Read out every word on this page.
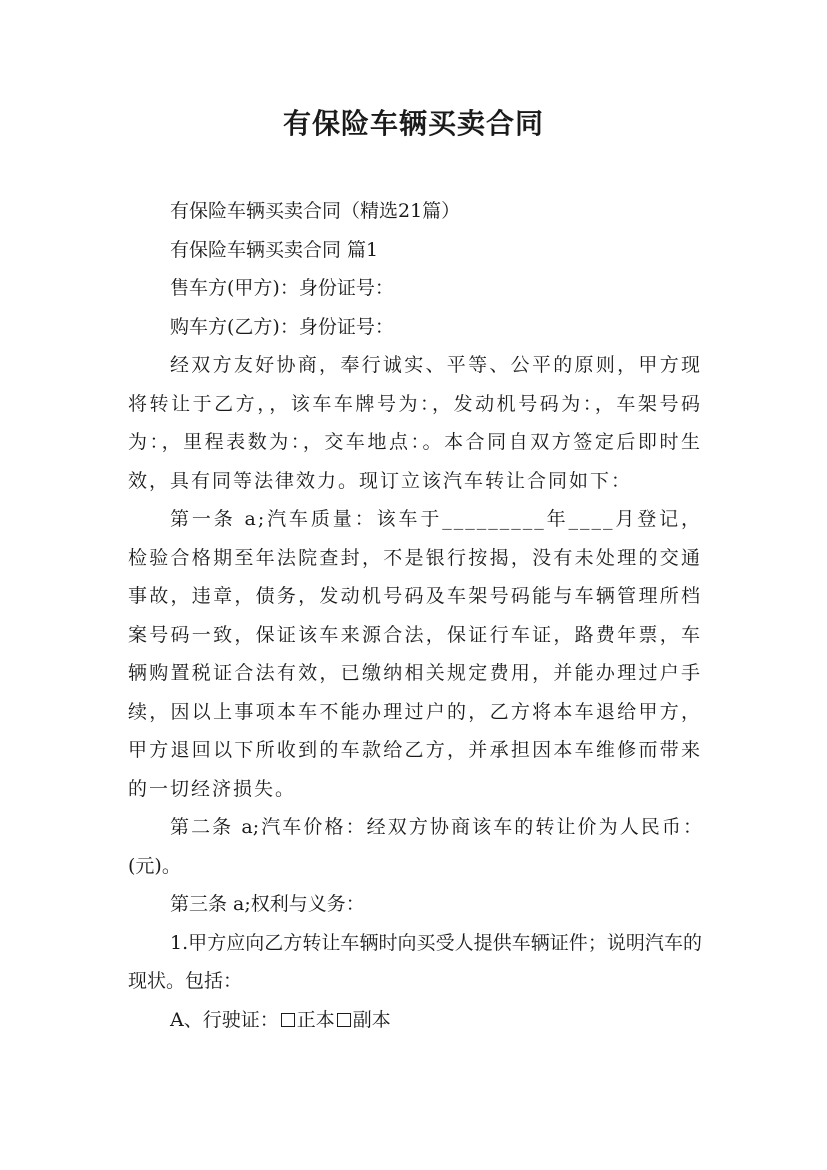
有保险车辆买卖合同

有保险车辆买卖合同（精选21篇）

有保险车辆买卖合同 篇1

售车方(甲方)：身份证号：

购车方(乙方)：身份证号：

经双方友好协商，奉行诚实、平等、公平的原则，甲方现将转让于乙方，，该车车牌号为：，发动机号码为：，车架号码为：，里程表数为：，交车地点：。本合同自双方签定后即时生效，具有同等法律效力。现订立该汽车转让合同如下：

第一条 a;汽车质量：该车于_________年____月登记，检验合格期至年法院查封，不是银行按揭，没有未处理的交通事故，违章，债务，发动机号码及车架号码能与车辆管理所档案号码一致，保证该车来源合法，保证行车证，路费年票，车辆购置税证合法有效，已缴纳相关规定费用，并能办理过户手续，因以上事项本车不能办理过户的，乙方将本车退给甲方，甲方退回以下所收到的车款给乙方，并承担因本车维修而带来的一切经济损失。

第二条 a;汽车价格：经双方协商该车的转让价为人民币：(元)。

第三条 a;权利与义务：

1.甲方应向乙方转让车辆时向买受人提供车辆证件；说明汽车的现状。包括：

A、行驶证： 正本 副本
